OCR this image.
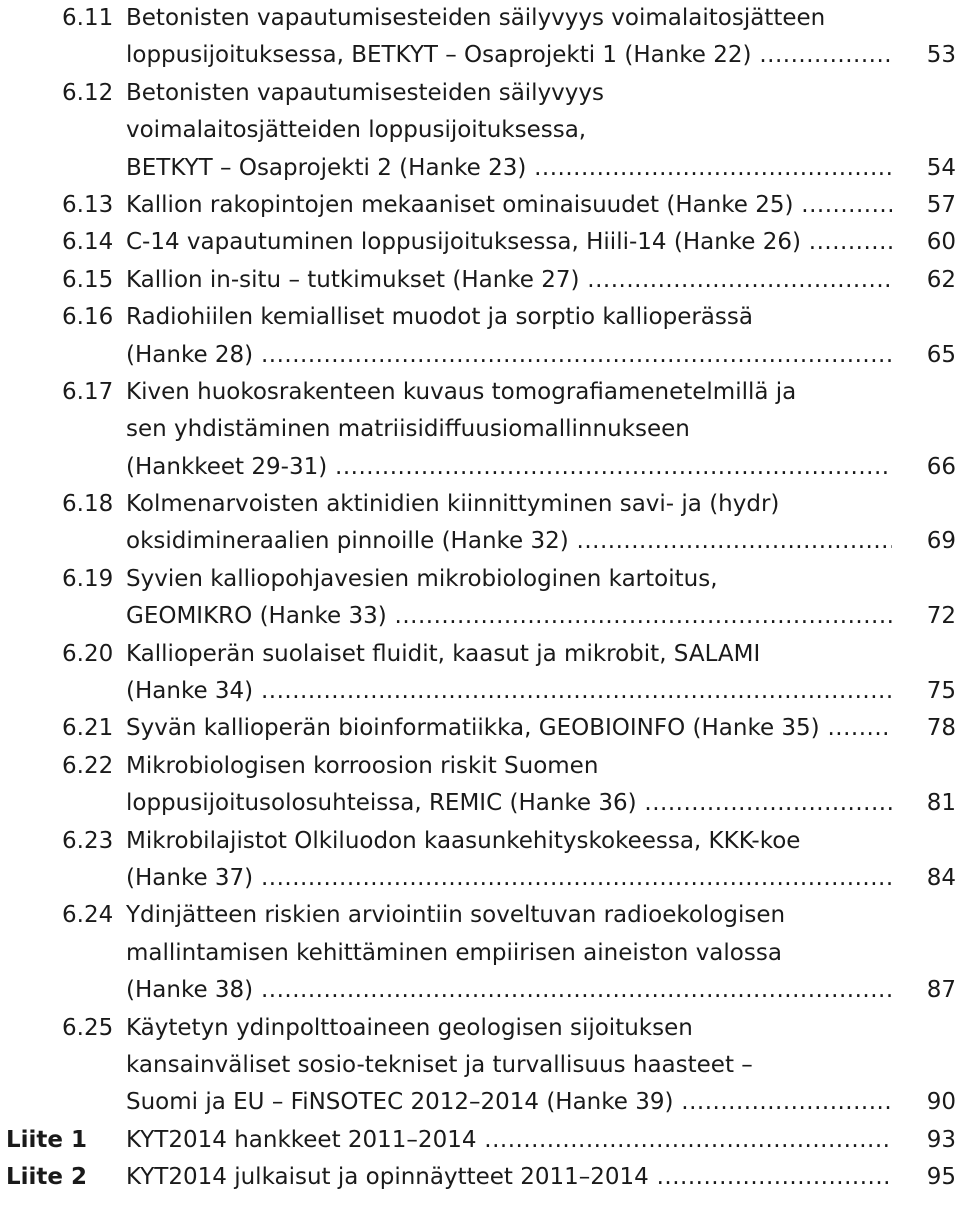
6.11 Betonisten vapautumisesteiden säilyvyys voimalaitosjätteen
loppusijoituksessa, BETKYT – Osaprojekti 1 (Hanke 22) .....	53
6.12 Betonisten vapautumisesteiden säilyvyys
voimalaitosjätteiden loppusijoituksessa,
BETKYT – Osaprojekti 2 (Hanke 23) .....	54
6.13 Kallion rakopintojen mekaaniset ominaisuudet (Hanke 25) .....	57
6.14 C-14 vapautuminen loppusijoituksessa, Hiili-14 (Hanke 26) .....	60
6.15 Kallion in-situ – tutkimukset (Hanke 27) .....	62
6.16 Radiohiilen kemialliset muodot ja sorptio kallioperässä
(Hanke 28) .....	65
6.17 Kiven huokosrakenteen kuvaus tomografiamenetelmillä ja
sen yhdistäminen matriisidiffuusiomallinnukseen
(Hankkeet 29-31) .....	66
6.18 Kolmenarvoisten aktinidien kiinnittyminen savi- ja (hydr)
oksidimineraalien pinnoille (Hanke 32) .....	69
6.19 Syvien kalliopohjavesien mikrobiologinen kartoitus,
GEOMIKRO (Hanke 33) .....	72
6.20 Kallioperän suolaiset fluidit, kaasut ja mikrobit, SALAMI
(Hanke 34) .....	75
6.21 Syvän kallioperän bioinformatiikka, GEOBIOINFO (Hanke 35) .....	78
6.22 Mikrobiologisen korroosion riskit Suomen
loppusijoitusolosuhteissa, REMIC (Hanke 36) .....	81
6.23 Mikrobilajistot Olkiluodon kaasunkehityskokeessa, KKK-koe
(Hanke 37) .....	84
6.24 Ydinjätteen riskien arviointiin soveltuvan radioekologisen
mallintamisen kehittäminen empiirisen aineiston valossa
(Hanke 38) .....	87
6.25 Käytetyn ydinpolttoaineen geologisen sijoituksen
kansainväliset sosio-tekniset ja turvallisuus haasteet –
Suomi ja EU – FiNSOTEC 2012–2014 (Hanke 39) .....	90
Liite 1 KYT2014 hankkeet 2011–2014 .....	93
Liite 2 KYT2014 julkaisut ja opinnäytteet 2011–2014 .....	95
